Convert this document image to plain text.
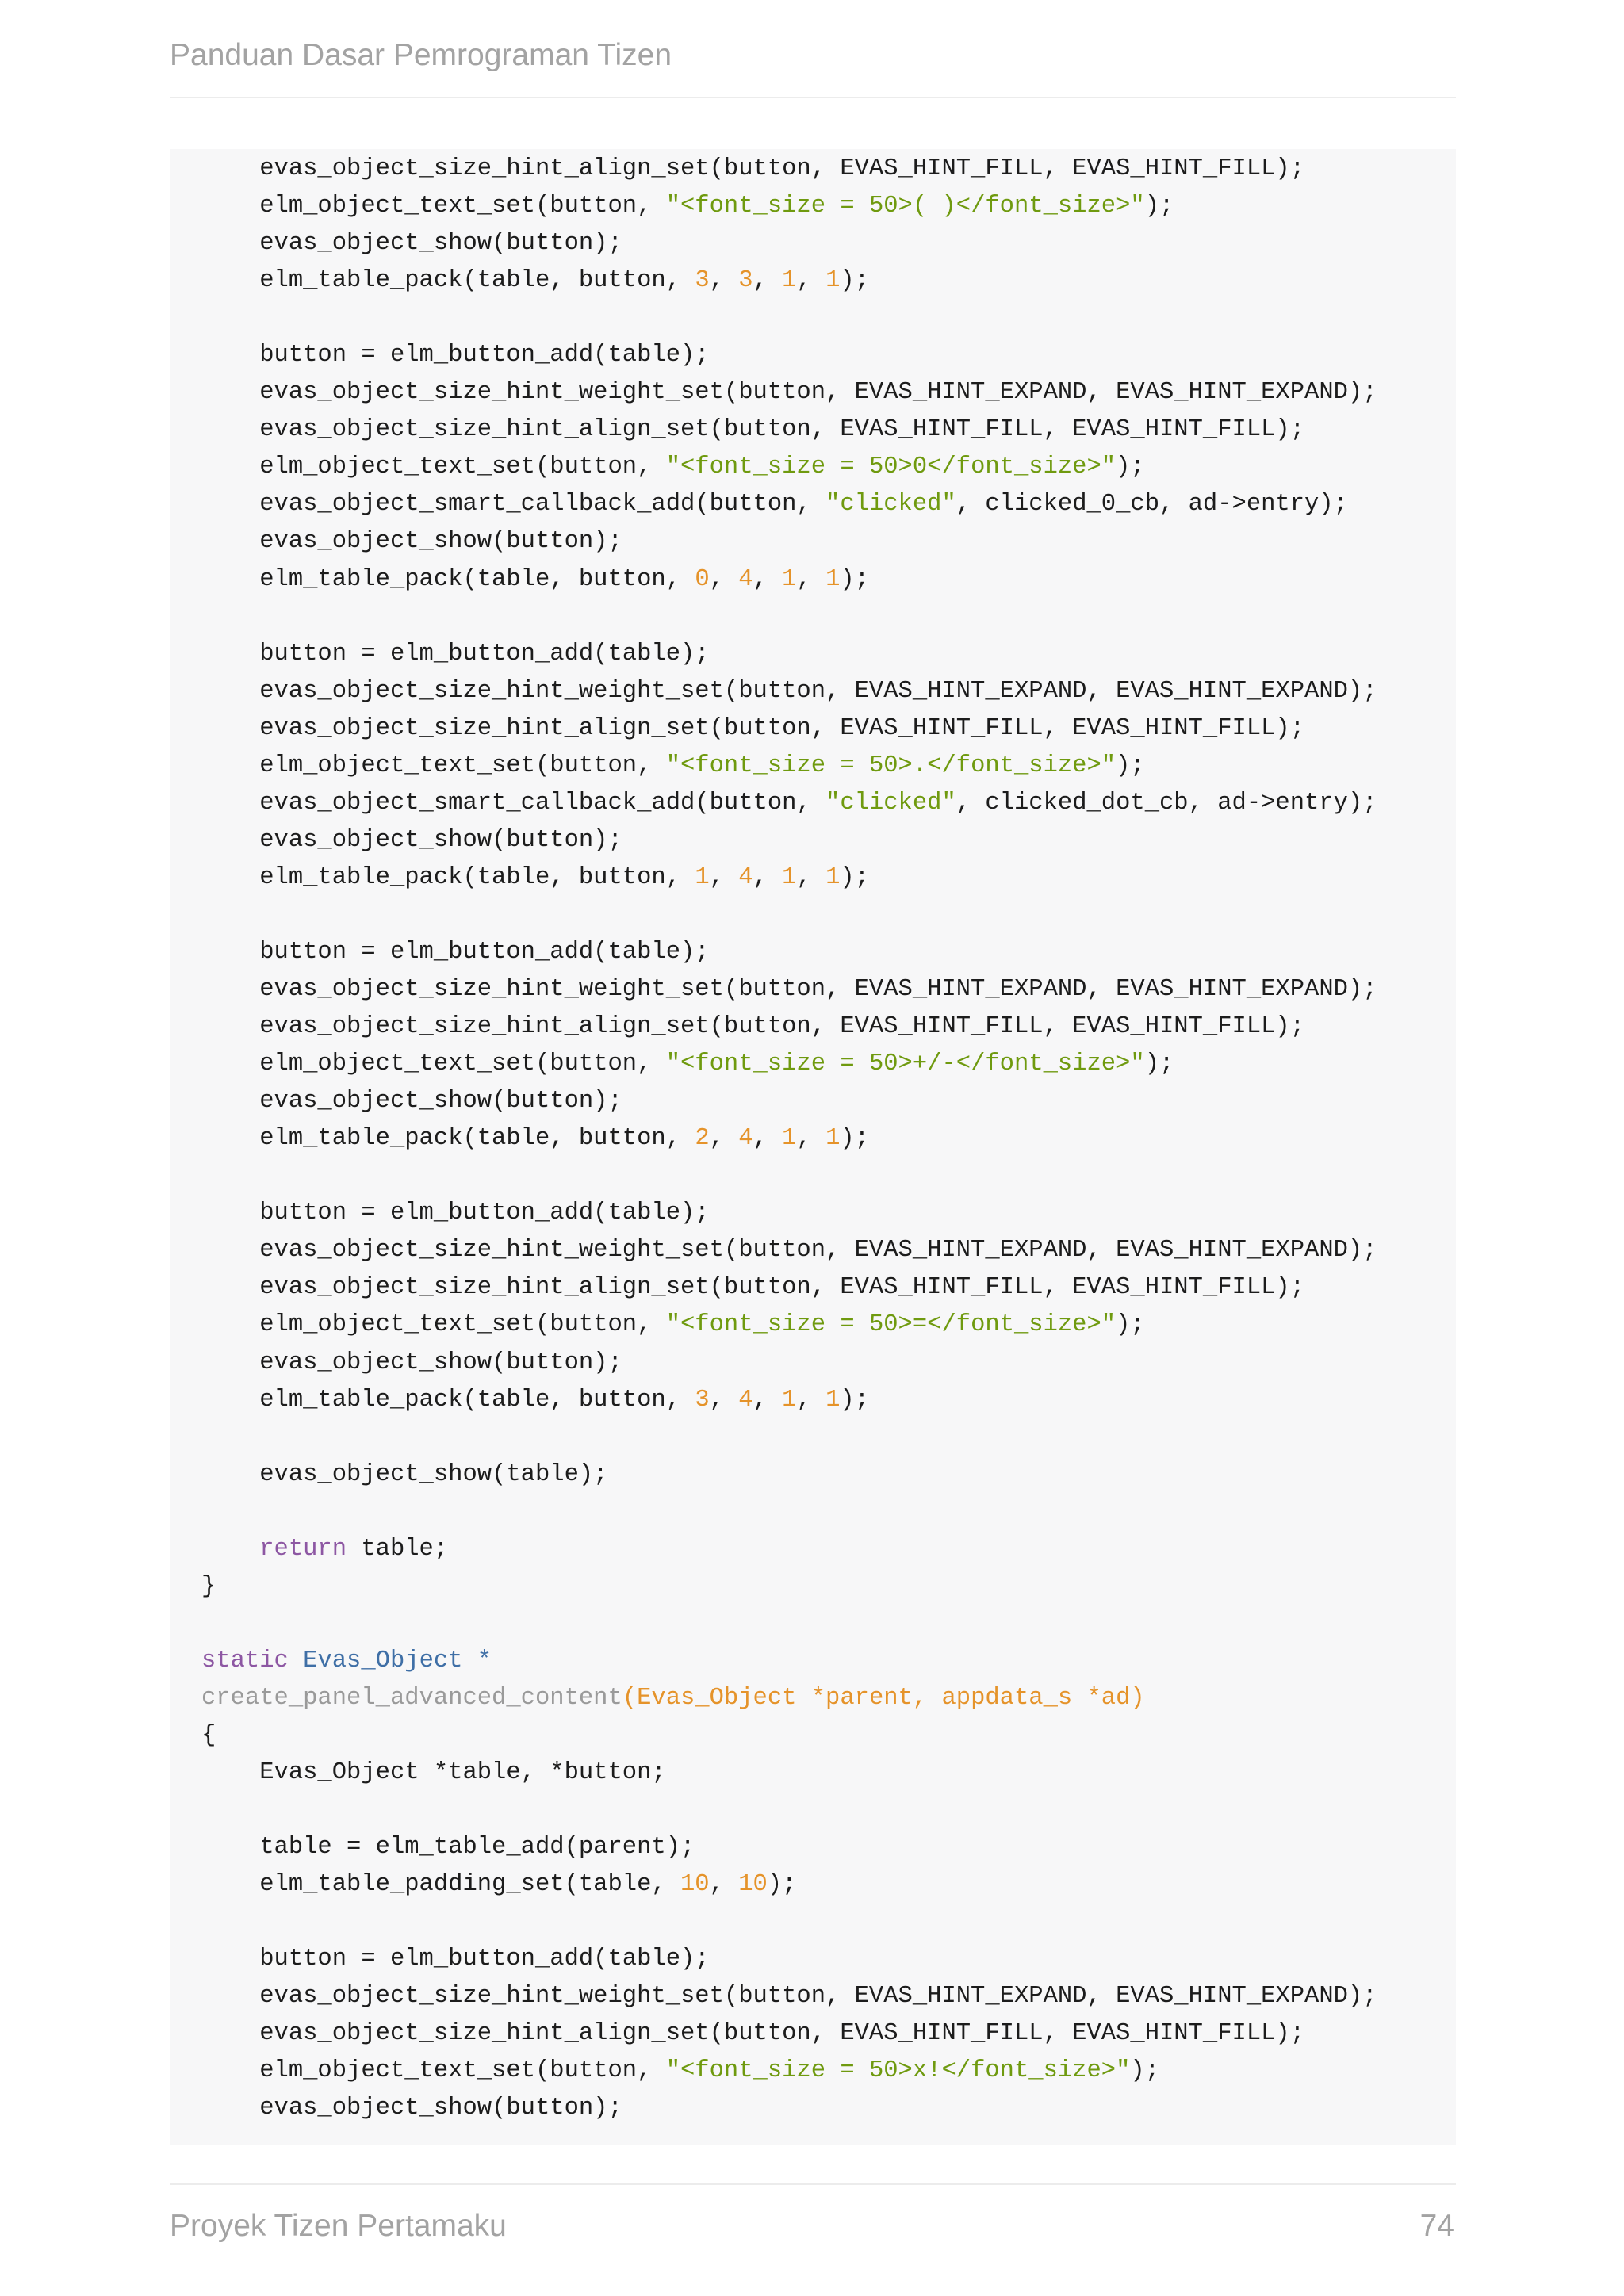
Panduan Dasar Pemrograman Tizen
evas_object_size_hint_align_set(button, EVAS_HINT_FILL, EVAS_HINT_FILL);
elm_object_text_set(button, "<font_size = 50>( )</font_size>");
evas_object_show(button);
elm_table_pack(table, button, 3, 3, 1, 1);
button = elm_button_add(table);
evas_object_size_hint_weight_set(button, EVAS_HINT_EXPAND, EVAS_HINT_EXPAND);
evas_object_size_hint_align_set(button, EVAS_HINT_FILL, EVAS_HINT_FILL);
elm_object_text_set(button, "<font_size = 50>0</font_size>");
evas_object_smart_callback_add(button, "clicked", clicked_0_cb, ad->entry);
evas_object_show(button);
elm_table_pack(table, button, 0, 4, 1, 1);
button = elm_button_add(table);
evas_object_size_hint_weight_set(button, EVAS_HINT_EXPAND, EVAS_HINT_EXPAND);
evas_object_size_hint_align_set(button, EVAS_HINT_FILL, EVAS_HINT_FILL);
elm_object_text_set(button, "<font_size = 50>.</font_size>");
evas_object_smart_callback_add(button, "clicked", clicked_dot_cb, ad->entry);
evas_object_show(button);
elm_table_pack(table, button, 1, 4, 1, 1);
button = elm_button_add(table);
evas_object_size_hint_weight_set(button, EVAS_HINT_EXPAND, EVAS_HINT_EXPAND);
evas_object_size_hint_align_set(button, EVAS_HINT_FILL, EVAS_HINT_FILL);
elm_object_text_set(button, "<font_size = 50>+/-</font_size>");
evas_object_show(button);
elm_table_pack(table, button, 2, 4, 1, 1);
button = elm_button_add(table);
evas_object_size_hint_weight_set(button, EVAS_HINT_EXPAND, EVAS_HINT_EXPAND);
evas_object_size_hint_align_set(button, EVAS_HINT_FILL, EVAS_HINT_FILL);
elm_object_text_set(button, "<font_size = 50>=</font_size>");
evas_object_show(button);
elm_table_pack(table, button, 3, 4, 1, 1);
evas_object_show(table);
return table;
}
static Evas_Object *
create_panel_advanced_content(Evas_Object *parent, appdata_s *ad)
{
Evas_Object *table, *button;
table = elm_table_add(parent);
elm_table_padding_set(table, 10, 10);
button = elm_button_add(table);
evas_object_size_hint_weight_set(button, EVAS_HINT_EXPAND, EVAS_HINT_EXPAND);
evas_object_size_hint_align_set(button, EVAS_HINT_FILL, EVAS_HINT_FILL);
elm_object_text_set(button, "<font_size = 50>x!</font_size>");
evas_object_show(button);
Proyek Tizen Pertamaku	74
